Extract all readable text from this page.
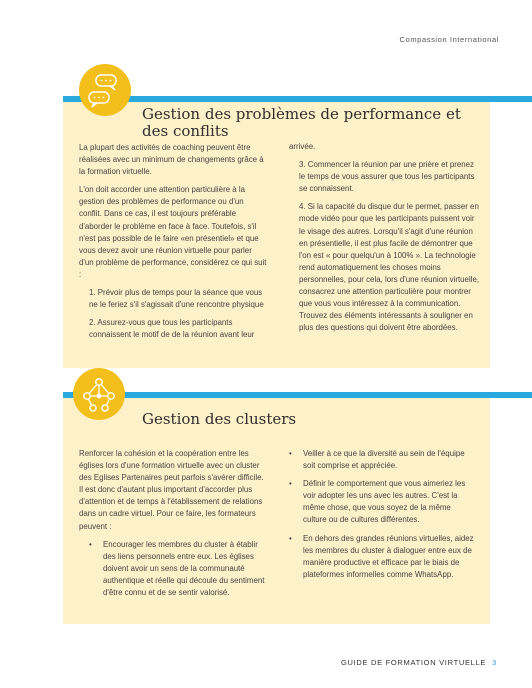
Compassion International
Gestion des problèmes de performance et des conflits

La plupart des activités de coaching peuvent être réalisées avec un minimum de changements grâce à la formation virtuelle.

L'on doit accorder une attention particulière à la gestion des problèmes de performance ou d'un conflit. Dans ce cas, il est toujours préférable d'aborder le problème en face à face. Toutefois, s'il n'est pas possible de le faire «en présentiel» et que vous devez avoir une réunion virtuelle pour parler d'un problème de performance, considérez ce qui suit :

1. Prévoir plus de temps pour la séance que vous ne le feriez s'il s'agissait d'une rencontre physique

2. Assurez-vous que tous les participants connaissent le motif de de la réunion avant leur

arrivée.

3. Commencer la réunion par une prière et prenez le temps de vous assurer que tous les participants se connaissent.

4. Si la capacité du disque dur le permet, passer en mode vidéo pour que les participants puissent voir le visage des autres. Lorsqu'il s'agit d'une réunion en présentielle, il est plus facile de démontrer que l'on est « pour quelqu'un à 100% ». La technologie rend automatiquement les choses moins personnelles, pour cela, lors d'une réunion virtuelle, consacrez une attention particulière pour montrer que vous vous intéressez à la communication. Trouvez des éléments intéressants à souligner en plus des questions qui doivent être abordées.

Gestion des clusters

Renforcer la cohésion et la coopération entre les églises lors d'une formation virtuelle avec un cluster des Eglises Partenaires peut parfois s'avérer difficile. Il est donc d'autant plus important d'accorder plus d'attention et de temps à l'établissement de relations dans un cadre virtuel. Pour ce faire, les formateurs peuvent :

• Encourager les membres du cluster à établir des liens personnels entre eux. Les églises doivent avoir un sens de la communauté authentique et réelle qui découle du sentiment d'être connu et de se sentir valorisé.
• Veiller à ce que la diversité au sein de l'équipe soit comprise et appréciée.
• Définir le comportement que vous aimeriez les voir adopter les uns avec les autres. C'est la même chose, que vous soyez de la même culture ou de cultures différentes.
• En dehors des grandes réunions virtuelles, aidez les membres du cluster à dialoguer entre eux de manière productive et efficace par le biais de plateformes informelles comme WhatsApp.
GUIDE DE FORMATION VIRTUELLE 3
